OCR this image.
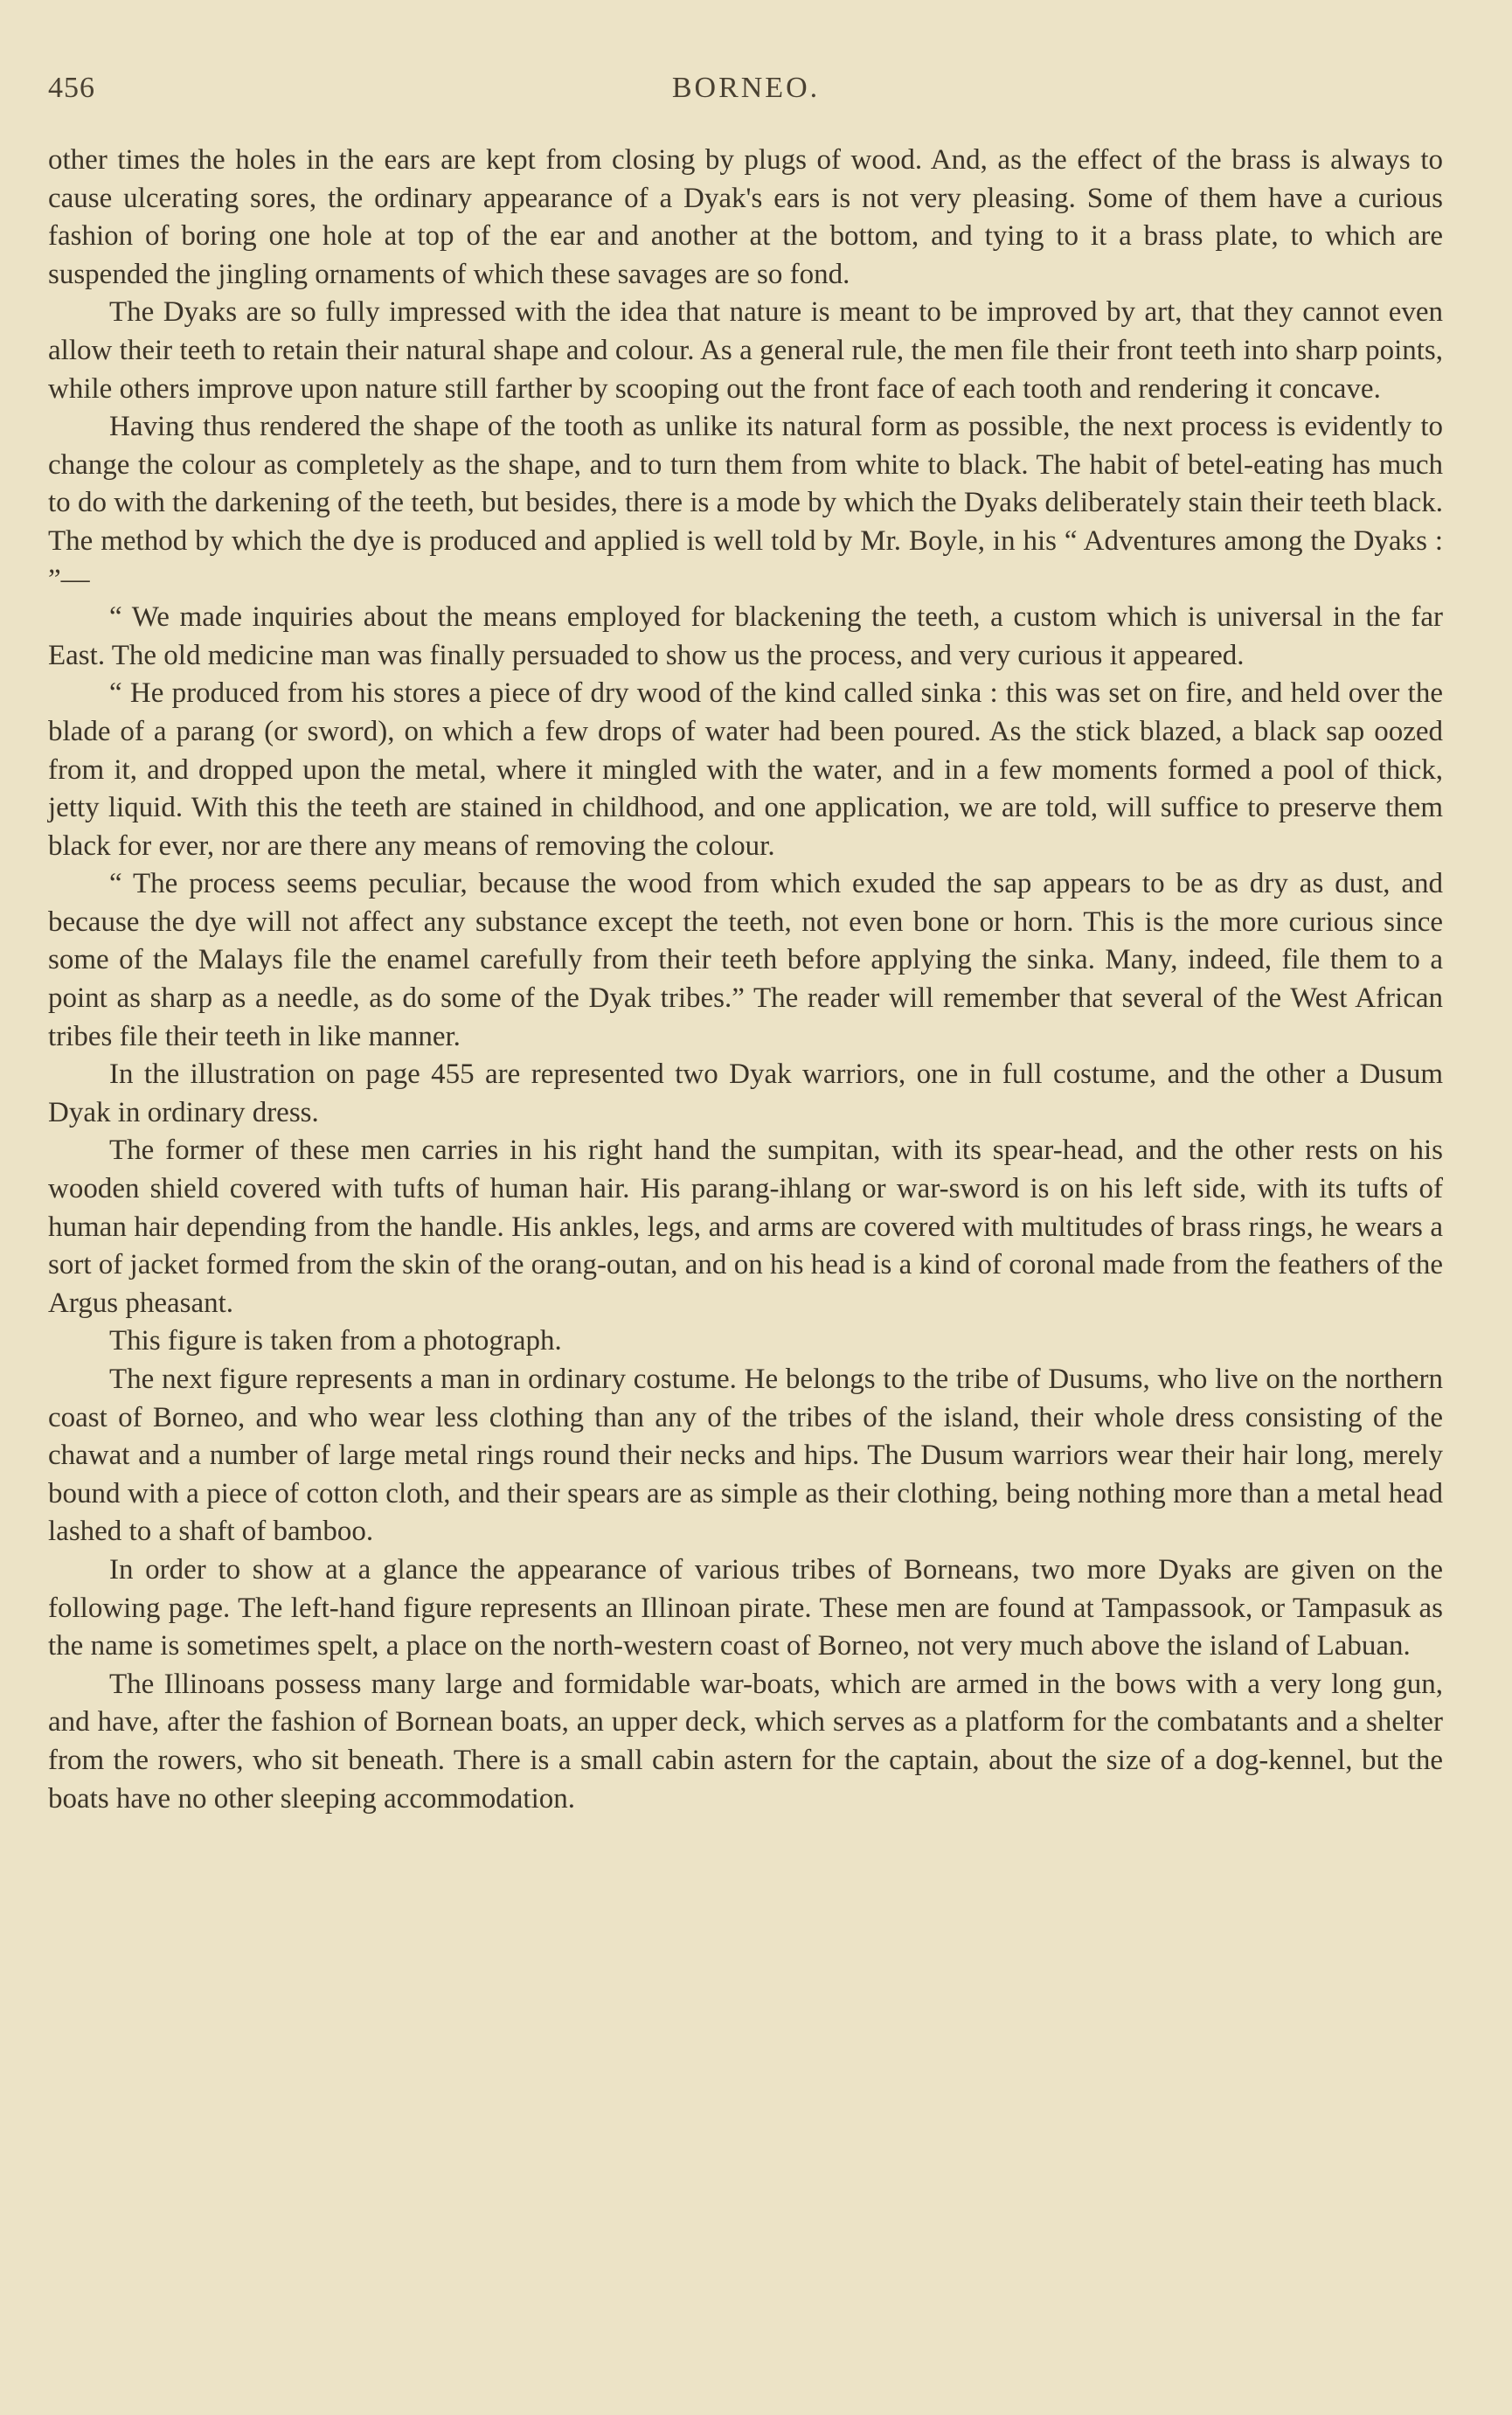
456	BORNEO.

other times the holes in the ears are kept from closing by plugs of wood. And, as the effect of the brass is always to cause ulcerating sores, the ordinary appearance of a Dyak's ears is not very pleasing. Some of them have a curious fashion of boring one hole at top of the ear and another at the bottom, and tying to it a brass plate, to which are suspended the jingling ornaments of which these savages are so fond.

The Dyaks are so fully impressed with the idea that nature is meant to be improved by art, that they cannot even allow their teeth to retain their natural shape and colour. As a general rule, the men file their front teeth into sharp points, while others improve upon nature still farther by scooping out the front face of each tooth and rendering it concave.

Having thus rendered the shape of the tooth as unlike its natural form as possible, the next process is evidently to change the colour as completely as the shape, and to turn them from white to black. The habit of betel-eating has much to do with the darkening of the teeth, but besides, there is a mode by which the Dyaks deliberately stain their teeth black. The method by which the dye is produced and applied is well told by Mr. Boyle, in his “ Adventures among the Dyaks : ”—

“ We made inquiries about the means employed for blackening the teeth, a custom which is universal in the far East. The old medicine man was finally persuaded to show us the process, and very curious it appeared.

“ He produced from his stores a piece of dry wood of the kind called sinka : this was set on fire, and held over the blade of a parang (or sword), on which a few drops of water had been poured. As the stick blazed, a black sap oozed from it, and dropped upon the metal, where it mingled with the water, and in a few moments formed a pool of thick, jetty liquid. With this the teeth are stained in childhood, and one application, we are told, will suffice to preserve them black for ever, nor are there any means of removing the colour.

“ The process seems peculiar, because the wood from which exuded the sap appears to be as dry as dust, and because the dye will not affect any substance except the teeth, not even bone or horn. This is the more curious since some of the Malays file the enamel carefully from their teeth before applying the sinka. Many, indeed, file them to a point as sharp as a needle, as do some of the Dyak tribes.” The reader will remember that several of the West African tribes file their teeth in like manner.

In the illustration on page 455 are represented two Dyak warriors, one in full costume, and the other a Dusum Dyak in ordinary dress.

The former of these men carries in his right hand the sumpitan, with its spear-head, and the other rests on his wooden shield covered with tufts of human hair. His parang-ihlang or war-sword is on his left side, with its tufts of human hair depending from the handle. His ankles, legs, and arms are covered with multitudes of brass rings, he wears a sort of jacket formed from the skin of the orang-outan, and on his head is a kind of coronal made from the feathers of the Argus pheasant.

This figure is taken from a photograph.

The next figure represents a man in ordinary costume. He belongs to the tribe of Dusums, who live on the northern coast of Borneo, and who wear less clothing than any of the tribes of the island, their whole dress consisting of the chawat and a number of large metal rings round their necks and hips. The Dusum warriors wear their hair long, merely bound with a piece of cotton cloth, and their spears are as simple as their clothing, being nothing more than a metal head lashed to a shaft of bamboo.

In order to show at a glance the appearance of various tribes of Borneans, two more Dyaks are given on the following page. The left-hand figure represents an Illinoan pirate. These men are found at Tampassook, or Tampasuk as the name is sometimes spelt, a place on the north-western coast of Borneo, not very much above the island of Labuan.

The Illinoans possess many large and formidable war-boats, which are armed in the bows with a very long gun, and have, after the fashion of Bornean boats, an upper deck, which serves as a platform for the combatants and a shelter from the rowers, who sit beneath. There is a small cabin astern for the captain, about the size of a dog-kennel, but the boats have no other sleeping accommodation.
